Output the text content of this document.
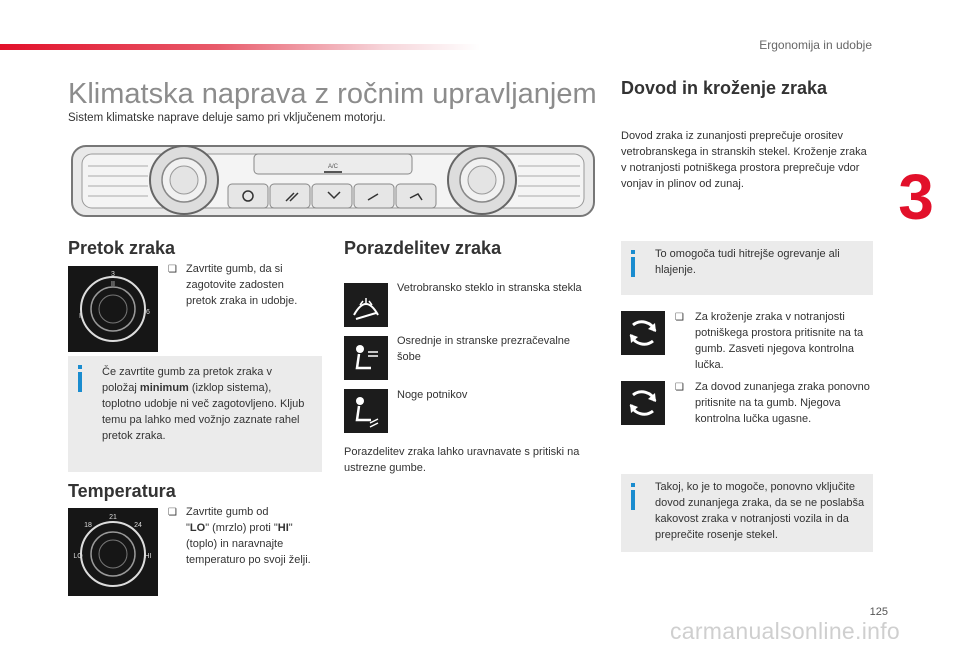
Ergonomija in udobje
3
Klimatska naprava z ročnim upravljanjem
Sistem klimatske naprave deluje samo pri vključenem motorju.
A/C
Pretok zraka
3
II
I
6
❏ Zavrtite gumb, da si zagotovite zadosten pretok zraka in udobje.
Če zavrtite gumb za pretok zraka v
položaj minimum (izklop sistema),
toplotno udobje ni več zagotovljeno. Kljub temu pa lahko med vožnjo zaznate rahel pretok zraka.
Temperatura
21
18	24
LO	HI
❏ Zavrtite gumb od
"LO" (mrzlo) proti "HI"
(toplo) in naravnajte temperaturo po svoji želji.
Porazdelitev zraka
Vetrobransko steklo in stranska stekla
Osrednje in stranske prezračevalne šobe
Noge potnikov
Porazdelitev zraka lahko uravnavate s pritiski na ustrezne gumbe.
Dovod in kroženje zraka
Dovod zraka iz zunanjosti preprečuje orositev vetrobranskega in stranskih stekel. Kroženje zraka v notranjosti potniškega prostora preprečuje vdor vonjav in plinov od zunaj.
To omogoča tudi hitrejše ogrevanje ali hlajenje.
❏ Za kroženje zraka v notranjosti potniškega prostora pritisnite na ta gumb. Zasveti njegova kontrolna lučka.
❏ Za dovod zunanjega zraka ponovno pritisnite na ta gumb. Njegova kontrolna lučka ugasne.
Takoj, ko je to mogoče, ponovno vključite dovod zunanjega zraka, da se ne poslabša kakovost zraka v notranjosti vozila in da preprečite rosenje stekel.
125
carmanualsonline.info
